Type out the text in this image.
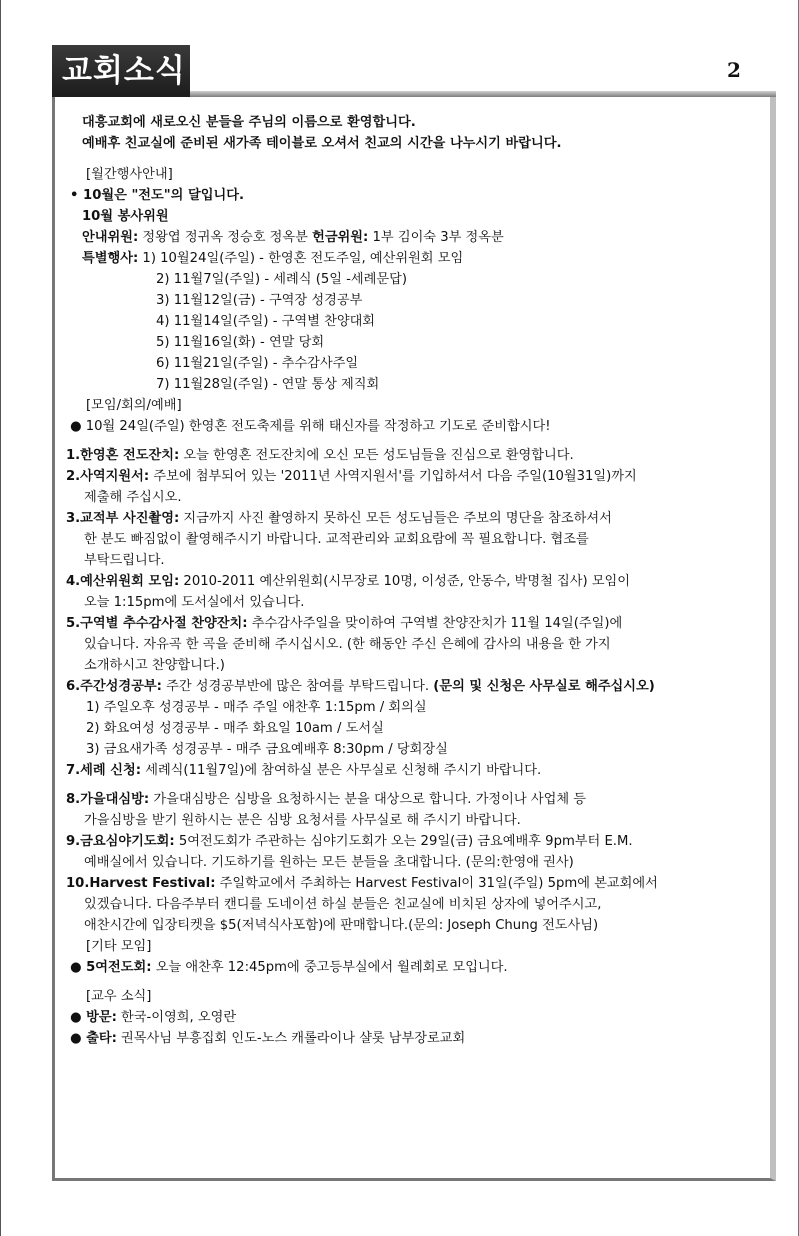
교회소식	2
대흥교회에 새로오신 분들을 주님의 이름으로 환영합니다.
예배후 친교실에 준비된 새가족 테이블로 오셔서 친교의 시간을 나누시기 바랍니다.
[월간행사안내]
• 10월은 "전도"의 달입니다.
10월 봉사위원
안내위원: 정왕엽 정귀옥 정승호 정옥분 헌금위원: 1부 김이숙 3부 정옥분
특별행사: 1) 10월24일(주일) - 한영혼 전도주일, 예산위원회 모임
2) 11월7일(주일) - 세례식 (5일 -세례문답)
3) 11월12일(금) - 구역장 성경공부
4) 11월14일(주일) - 구역별 찬양대회
5) 11월16일(화) - 연말 당회
6) 11월21일(주일) - 추수감사주일
7) 11월28일(주일) - 연말 통상 제직회
[모임/회의/예배]
● 10월 24일(주일) 한영혼 전도축제를 위해 태신자를 작정하고 기도로 준비합시다!
1.한영혼 전도잔치: 오늘 한영혼 전도잔치에 오신 모든 성도님들을 진심으로 환영합니다.
2.사역지원서: 주보에 첨부되어 있는 '2011년 사역지원서'를 기입하셔서 다음 주일(10월31일)까지
제출해 주십시오.
3.교적부 사진촬영: 지금까지 사진 촬영하지 못하신 모든 성도님들은 주보의 명단을 참조하셔서
한 분도 빠짐없이 촬영해주시기 바랍니다. 교적관리와 교회요람에 꼭 필요합니다. 협조를
부탁드립니다.
4.예산위원회 모임: 2010-2011 예산위원회(시무장로 10명, 이성준, 안동수, 박명철 집사) 모임이
오늘 1:15pm에 도서실에서 있습니다.
5.구역별 추수감사절 찬양잔치: 추수감사주일을 맞이하여 구역별 찬양잔치가 11월 14일(주일)에
있습니다. 자유곡 한 곡을 준비해 주시십시오. (한 해동안 주신 은혜에 감사의 내용을 한 가지
소개하시고 찬양합니다.)
6.주간성경공부: 주간 성경공부반에 많은 참여를 부탁드립니다. (문의 및 신청은 사무실로 해주십시오)
1) 주일오후 성경공부 - 매주 주일 애찬후 1:15pm / 회의실
2) 화요여성 성경공부 - 매주 화요일 10am / 도서실
3) 금요새가족 성경공부 - 매주 금요예배후 8:30pm / 당회장실
7.세례 신청: 세례식(11월7일)에 참여하실 분은 사무실로 신청해 주시기 바랍니다.
8.가을대심방: 가을대심방은 심방을 요청하시는 분을 대상으로 합니다. 가정이나 사업체 등
가을심방을 받기 원하시는 분은 심방 요청서를 사무실로 해 주시기 바랍니다.
9.금요심야기도회: 5여전도회가 주관하는 심야기도회가 오는 29일(금) 금요예배후 9pm부터 E.M.
예배실에서 있습니다. 기도하기를 원하는 모든 분들을 초대합니다. (문의:한영애 권사)
10.Harvest Festival: 주일학교에서 주최하는 Harvest Festival이 31일(주일) 5pm에 본교회에서
있겠습니다. 다음주부터 캔디를 도네이션 하실 분들은 친교실에 비치된 상자에 넣어주시고,
애찬시간에 입장티켓을 $5(저녁식사포함)에 판매합니다.(문의: Joseph Chung 전도사님)
[기타 모임]
● 5여전도회: 오늘 애찬후 12:45pm에 중고등부실에서 월례회로 모입니다.
[교우 소식]
● 방문: 한국-이영희, 오영란
● 출타: 권목사님 부흥집회 인도-노스 캐롤라이나 샬롯 남부장로교회
